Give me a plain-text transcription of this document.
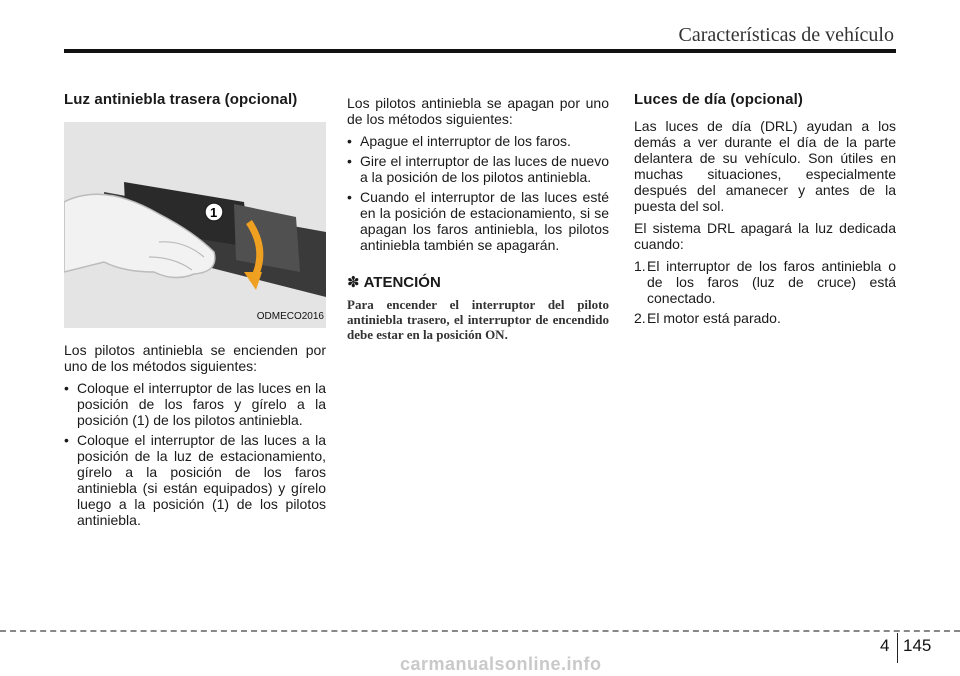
Características de vehículo
Luz antiniebla trasera (opcional)
1
ODMECO2016

Los pilotos antiniebla se encienden por uno de los métodos siguientes:

• Coloque el interruptor de las luces en la posición de los faros y gírelo a la posición (1) de los pilotos antiniebla.
• Coloque el interruptor de las luces a la posición de la luz de estacionamiento, gírelo a la posición de los faros antiniebla (si están equipados) y gírelo luego a la posición (1) de los pilotos antiniebla.

Los pilotos antiniebla se apagan por uno de los métodos siguientes:

• Apague el interruptor de los faros.
• Gire el interruptor de las luces de nuevo a la posición de los pilotos antiniebla.
• Cuando el interruptor de las luces esté en la posición de estacionamiento, si se apagan los faros antiniebla, los pilotos antiniebla también se apagarán.
✽ ATENCIÓN

Para encender el interruptor del piloto antiniebla trasero, el interruptor de encendido debe estar en la posición ON.

Luces de día (opcional)

Las luces de día (DRL) ayudan a los demás a ver durante el día de la parte delantera de su vehículo. Son útiles en muchas situaciones, especialmente después del amanecer y antes de la puesta del sol.

El sistema DRL apagará la luz dedicada cuando:

1. El interruptor de los faros antiniebla o de los faros (luz de cruce) está conectado.
2. El motor está parado.
4 145
carmanualsonline.info
